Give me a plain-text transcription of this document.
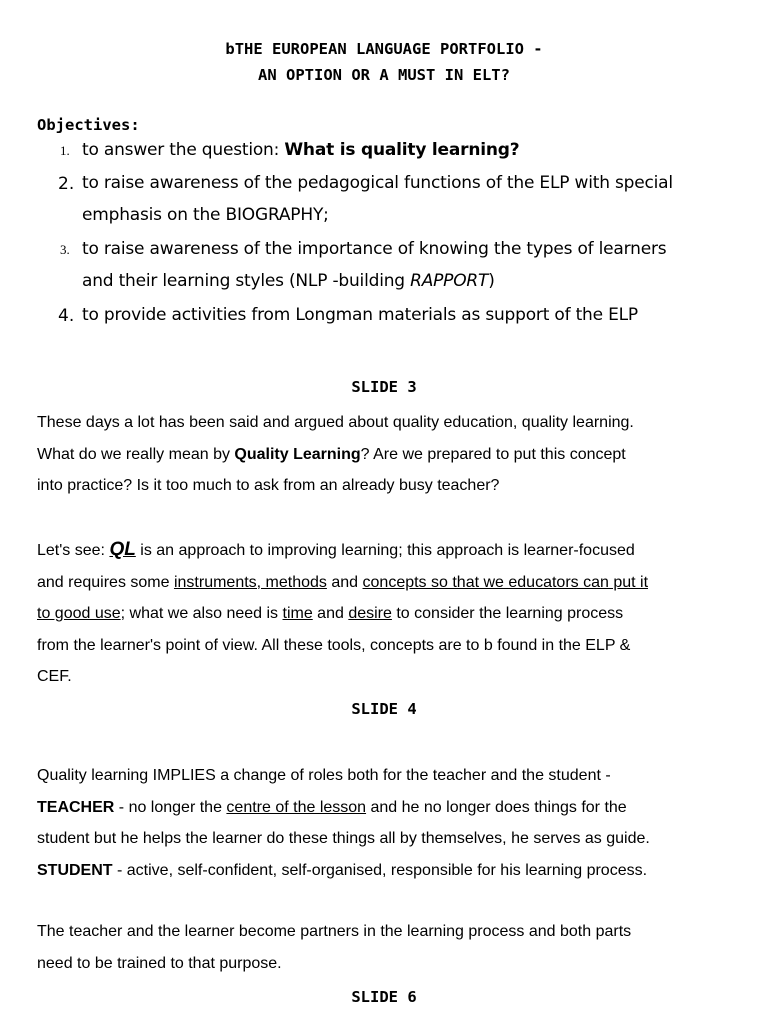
bTHE EUROPEAN LANGUAGE PORTFOLIO -
AN OPTION OR A MUST IN ELT?
Objectives:
1. to answer the question: What is quality learning?
2. to raise awareness of the pedagogical functions of the ELP with special
emphasis on the BIOGRAPHY;
3. to raise awareness of the importance of knowing the types of learners
and their learning styles (NLP -building RAPPORT)
4. to provide activities from Longman materials as support of the ELP
SLIDE 3
These days a lot has been said and argued about quality education, quality learning.
What do we really mean by Quality Learning? Are we prepared to put this concept
into practice? Is it too much to ask from an already busy teacher?
Let's see: QL is an approach to improving learning; this approach is learner-focused
and requires some instruments, methods and concepts so that we educators can put it
to good use; what we also need is time and desire to consider the learning process
from the learner's point of view. All these tools, concepts are to b found in the ELP &
CEF.
SLIDE 4
Quality learning IMPLIES a change of roles both for the teacher and the student -
TEACHER - no longer the centre of the lesson and he no longer does things for the
student but he helps the learner do these things all by themselves, he serves as guide.
STUDENT - active, self-confident, self-organised, responsible for his learning process.
The teacher and the learner become partners in the learning process and both parts
need to be trained to that purpose.
SLIDE 6
